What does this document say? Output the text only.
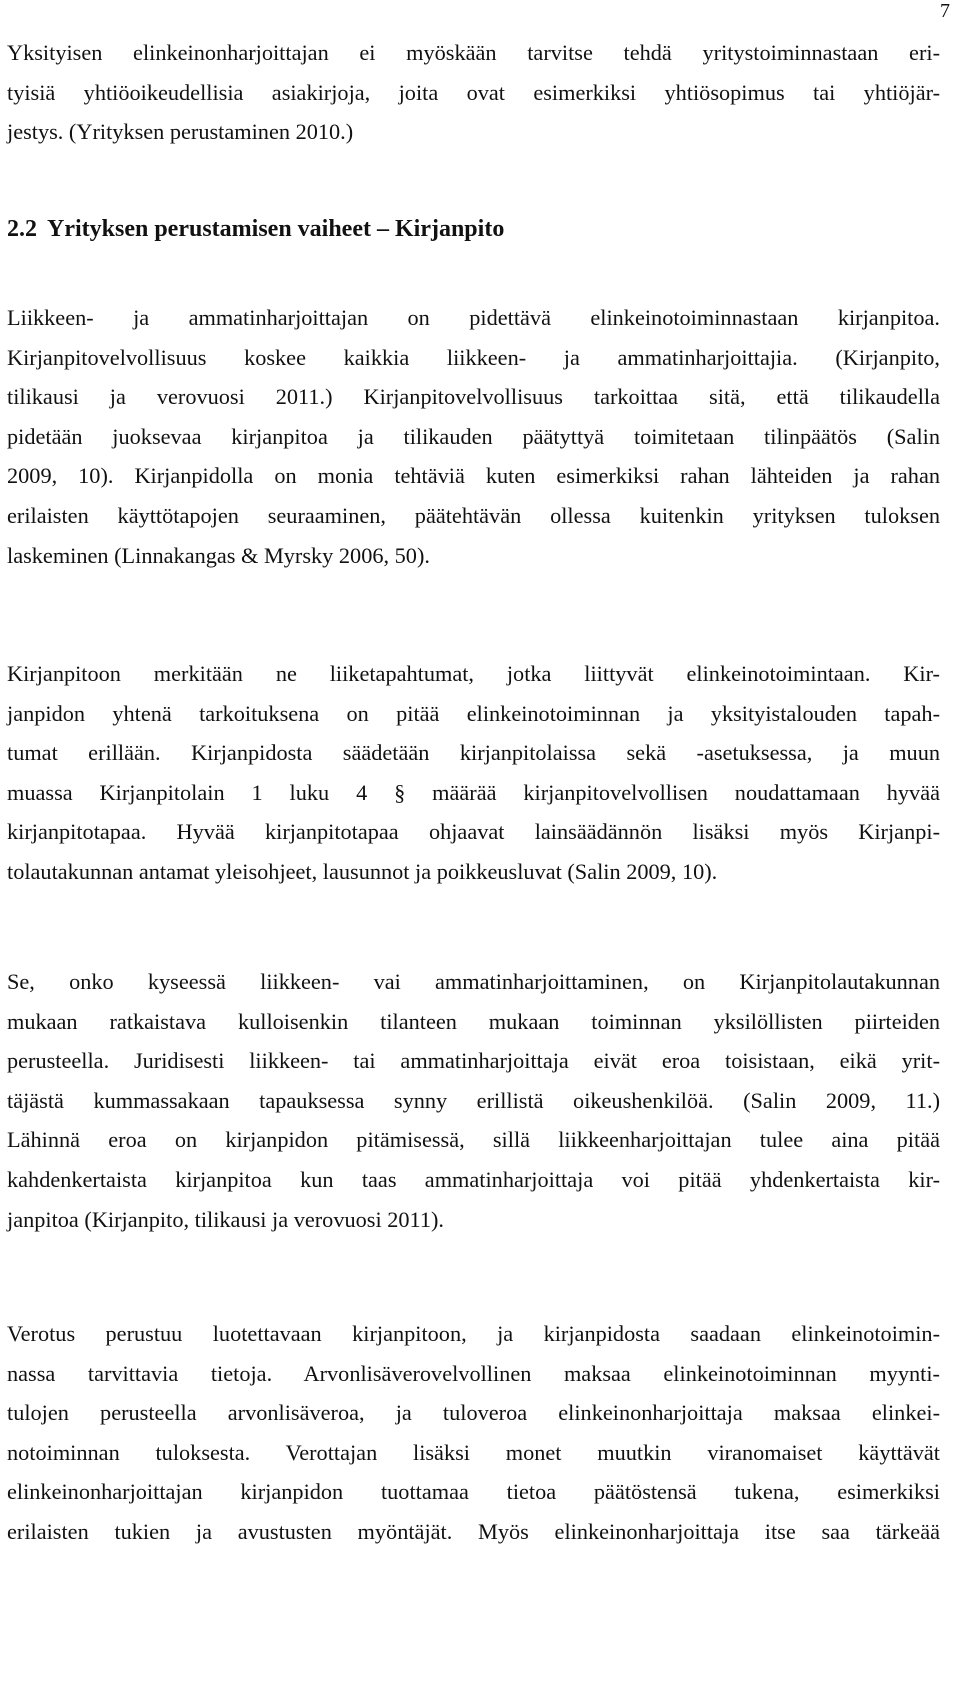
7
Yksityisen elinkeinonharjoittajan ei myöskään tarvitse tehdä yritystoiminnastaan eri-
tyisiä yhtiöoikeudellisia asiakirjoja, joita ovat esimerkiksi yhtiösopimus tai yhtiöjär-
jestys. (Yrityksen perustaminen 2010.)
2.2 Yrityksen perustamisen vaiheet – Kirjanpito
Liikkeen- ja ammatinharjoittajan on pidettävä elinkeinotoiminnastaan kirjanpitoa.
Kirjanpitovelvollisuus koskee kaikkia liikkeen- ja ammatinharjoittajia. (Kirjanpito,
tilikausi ja verovuosi 2011.) Kirjanpitovelvollisuus tarkoittaa sitä, että tilikaudella
pidetään juoksevaa kirjanpitoa ja tilikauden päätyttyä toimitetaan tilinpäätös (Salin
2009, 10). Kirjanpidolla on monia tehtäviä kuten esimerkiksi rahan lähteiden ja rahan
erilaisten käyttötapojen seuraaminen, päätehtävän ollessa kuitenkin yrityksen tuloksen
laskeminen (Linnakangas & Myrsky 2006, 50).
Kirjanpitoon merkitään ne liiketapahtumat, jotka liittyvät elinkeinotoimintaan. Kir-
janpidon yhtenä tarkoituksena on pitää elinkeinotoiminnan ja yksityistalouden tapah-
tumat erillään. Kirjanpidosta säädetään kirjanpitolaissa sekä -asetuksessa, ja muun
muassa Kirjanpitolain 1 luku 4 § määrää kirjanpitovelvollisen noudattamaan hyvää
kirjanpitotapaa. Hyvää kirjanpitotapaa ohjaavat lainsäädännön lisäksi myös Kirjanpi-
tolautakunnan antamat yleisohjeet, lausunnot ja poikkeusluvat (Salin 2009, 10).
Se, onko kyseessä liikkeen- vai ammatinharjoittaminen, on Kirjanpitolautakunnan
mukaan ratkaistava kulloisenkin tilanteen mukaan toiminnan yksilöllisten piirteiden
perusteella. Juridisesti liikkeen- tai ammatinharjoittaja eivät eroa toisistaan, eikä yrit-
täjästä kummassakaan tapauksessa synny erillistä oikeushenkilöä. (Salin 2009, 11.)
Lähinnä eroa on kirjanpidon pitämisessä, sillä liikkeenharjoittajan tulee aina pitää
kahdenkertaista kirjanpitoa kun taas ammatinharjoittaja voi pitää yhdenkertaista kir-
janpitoa (Kirjanpito, tilikausi ja verovuosi 2011).
Verotus perustuu luotettavaan kirjanpitoon, ja kirjanpidosta saadaan elinkeinotoimin-
nassa tarvittavia tietoja. Arvonlisäverovelvollinen maksaa elinkeinotoiminnan myynti-
tulojen perusteella arvonlisäveroa, ja tuloveroa elinkeinonharjoittaja maksaa elinkei-
notoiminnan tuloksesta. Verottajan lisäksi monet muutkin viranomaiset käyttävät
elinkeinonharjoittajan kirjanpidon tuottamaa tietoa päätöstensä tukena, esimerkiksi
erilaisten tukien ja avustusten myöntäjät. Myös elinkeinonharjoittaja itse saa tärkeää
